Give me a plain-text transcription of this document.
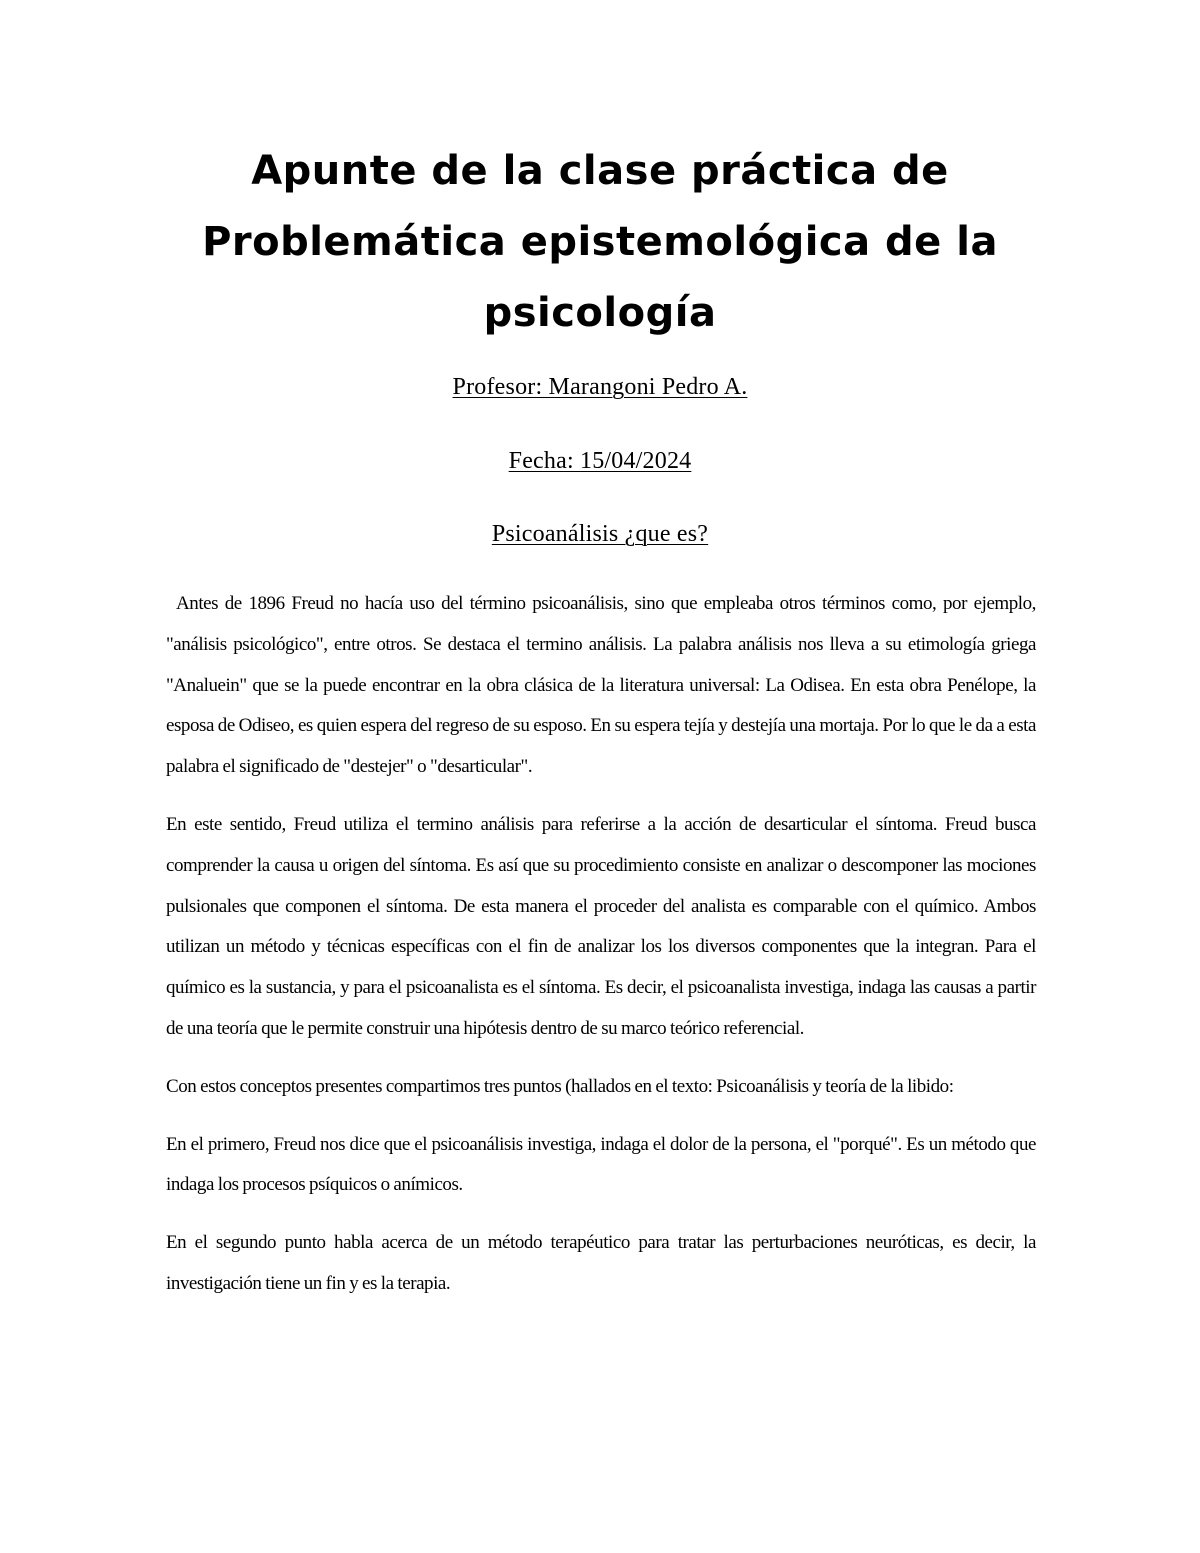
Apunte de la clase práctica de
Problemática epistemológica de la
psicología

Profesor: Marangoni Pedro A.

Fecha: 15/04/2024

Psicoanálisis ¿que es?

Antes de 1896 Freud no hacía uso del término psicoanálisis, sino que empleaba otros términos como, por ejemplo, "análisis psicológico", entre otros. Se destaca el termino análisis. La palabra análisis nos lleva a su etimología griega "Analuein" que se la puede encontrar en la obra clásica de la literatura universal: La Odisea. En esta obra Penélope, la esposa de Odiseo, es quien espera del regreso de su esposo. En su espera tejía y destejía una mortaja. Por lo que le da a esta palabra el significado de "destejer" o "desarticular".

En este sentido, Freud utiliza el termino análisis para referirse a la acción de desarticular el síntoma. Freud busca comprender la causa u origen del síntoma. Es así que su procedimiento consiste en analizar o descomponer las mociones pulsionales que componen el síntoma. De esta manera el proceder del analista es comparable con el químico. Ambos utilizan un método y técnicas específicas con el fin de analizar los los diversos componentes que la integran. Para el químico es la sustancia, y para el psicoanalista es el síntoma. Es decir, el psicoanalista investiga, indaga las causas a partir de una teoría que le permite construir una hipótesis dentro de su marco teórico referencial.

Con estos conceptos presentes compartimos tres puntos (hallados en el texto: Psicoanálisis y teoría de la libido:

En el primero, Freud nos dice que el psicoanálisis investiga, indaga el dolor de la persona, el "porqué". Es un método que indaga los procesos psíquicos o anímicos.

En el segundo punto habla acerca de un método terapéutico para tratar las perturbaciones neuróticas, es decir, la investigación tiene un fin y es la terapia.
